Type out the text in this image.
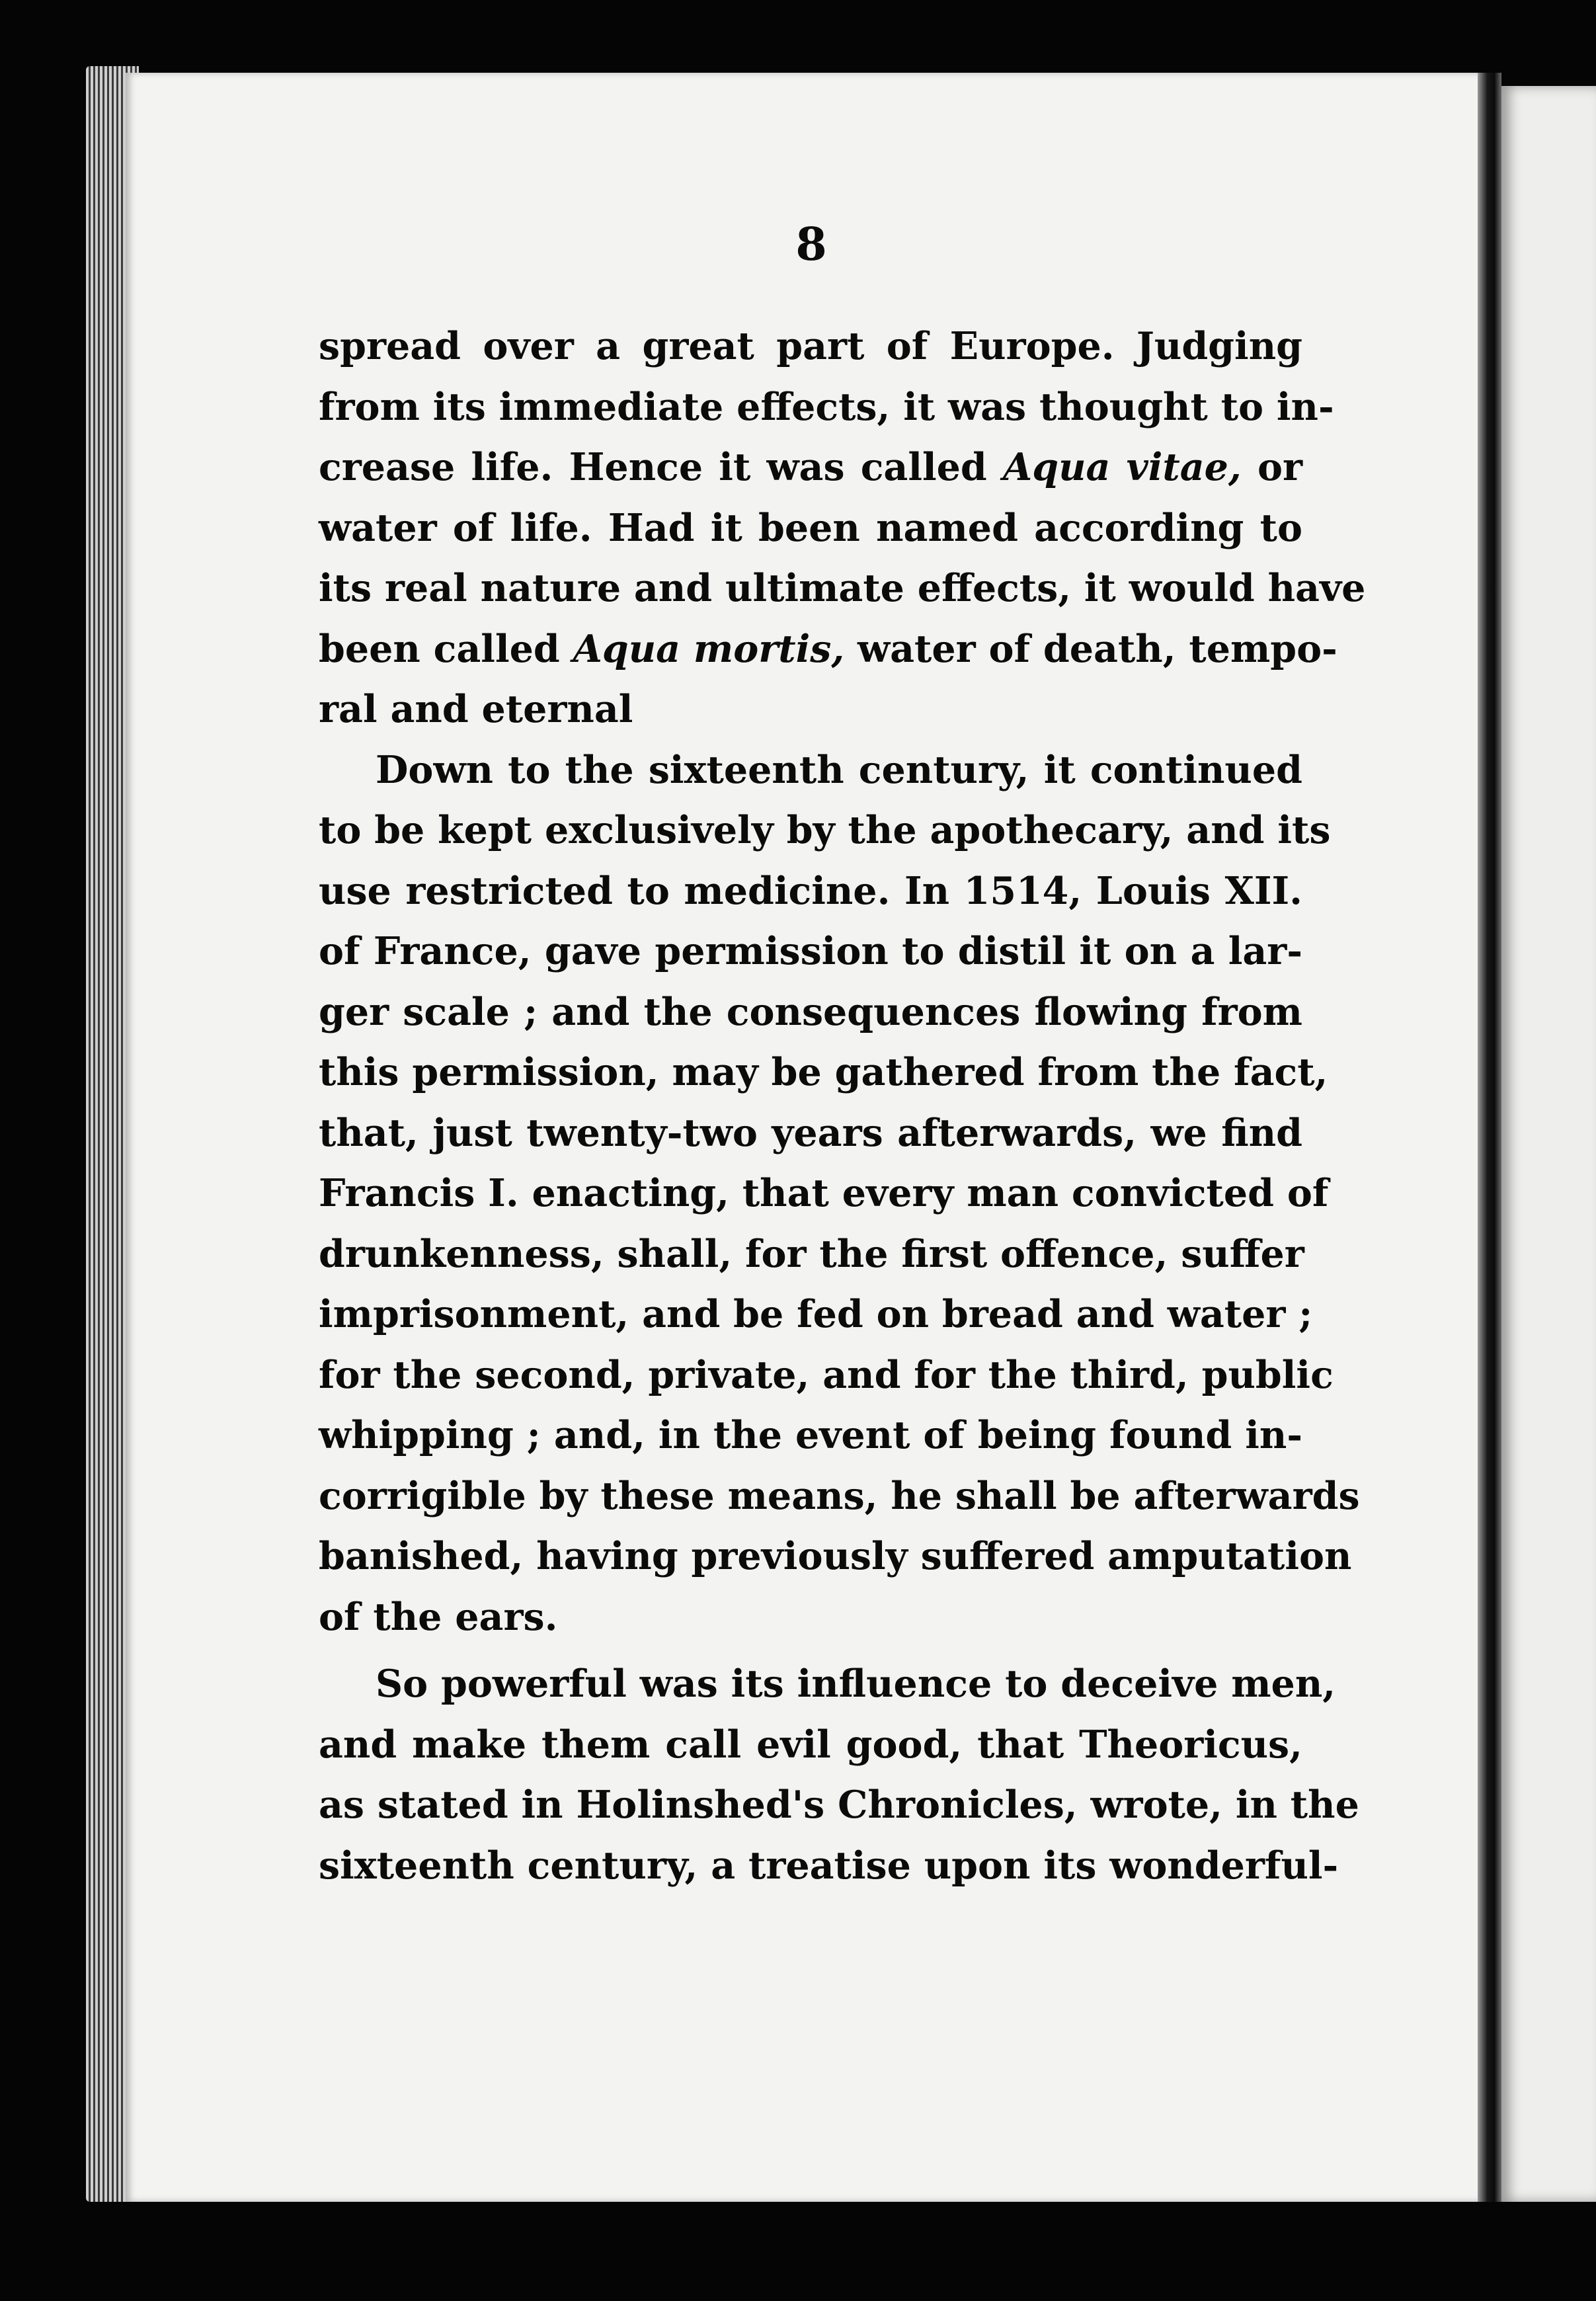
8
spread over a great part of Europe. Judging
from its immediate effects, it was thought to in-
crease life. Hence it was called Aqua vitae, or
water of life. Had it been named according to
its real nature and ultimate effects, it would have
been called Aqua mortis, water of death, tempo-
ral and eternal
Down to the sixteenth century, it continued
to be kept exclusively by the apothecary, and its
use restricted to medicine. In 1514, Louis XII.
of France, gave permission to distil it on a lar-
ger scale ; and the consequences flowing from
this permission, may be gathered from the fact,
that, just twenty-two years afterwards, we find
Francis I. enacting, that every man convicted of
drunkenness, shall, for the first offence, suffer
imprisonment, and be fed on bread and water ;
for the second, private, and for the third, public
whipping ; and, in the event of being found in-
corrigible by these means, he shall be afterwards
banished, having previously suffered amputation
of the ears.
So powerful was its influence to deceive men,
and make them call evil good, that Theoricus,
as stated in Holinshed's Chronicles, wrote, in the
sixteenth century, a treatise upon its wonderful-
